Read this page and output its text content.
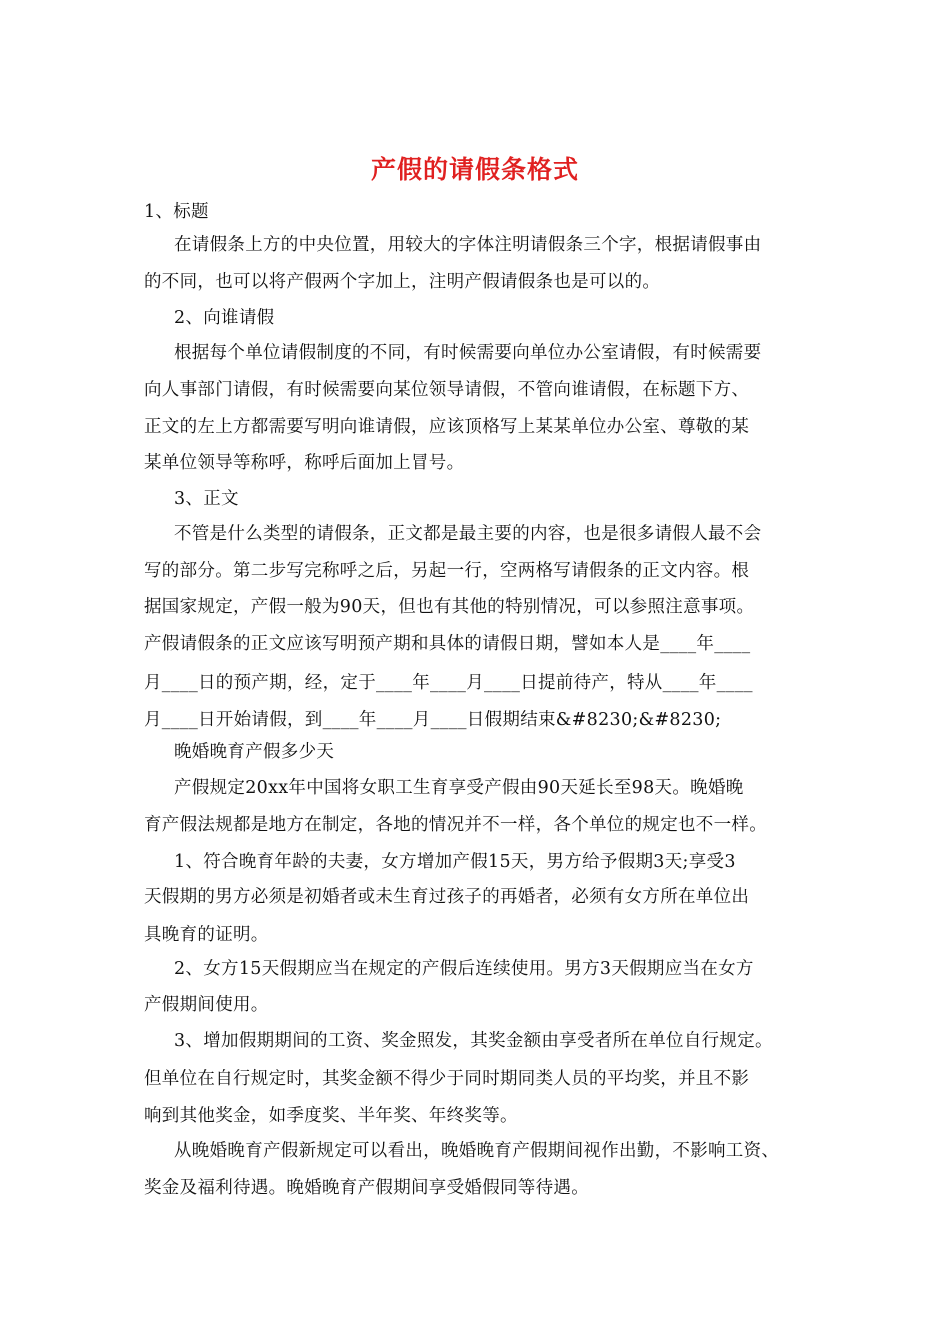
产假的请假条格式
1、标题
在请假条上方的中央位置，用较大的字体注明请假条三个字，根据请假事由
的不同，也可以将产假两个字加上，注明产假请假条也是可以的。
2、向谁请假
根据每个单位请假制度的不同，有时候需要向单位办公室请假，有时候需要
向人事部门请假，有时候需要向某位领导请假，不管向谁请假，在标题下方、
正文的左上方都需要写明向谁请假，应该顶格写上某某单位办公室、尊敬的某
某单位领导等称呼，称呼后面加上冒号。
3、正文
不管是什么类型的请假条，正文都是最主要的内容，也是很多请假人最不会
写的部分。第二步写完称呼之后，另起一行，空两格写请假条的正文内容。根
据国家规定，产假一般为90天，但也有其他的特别情况，可以参照注意事项。
产假请假条的正文应该写明预产期和具体的请假日期，譬如本人是____年____
月____日的预产期，经，定于____年____月____日提前待产，特从____年____
月____日开始请假，到____年____月____日假期结束&#8230;&#8230;
晚婚晚育产假多少天
产假规定20xx年中国将女职工生育享受产假由90天延长至98天。晚婚晚
育产假法规都是地方在制定，各地的情况并不一样，各个单位的规定也不一样。
1、符合晚育年龄的夫妻，女方增加产假15天，男方给予假期3天;享受3
天假期的男方必须是初婚者或未生育过孩子的再婚者，必须有女方所在单位出
具晚育的证明。
2、女方15天假期应当在规定的产假后连续使用。男方3天假期应当在女方
产假期间使用。
3、增加假期期间的工资、奖金照发，其奖金额由享受者所在单位自行规定。
但单位在自行规定时，其奖金额不得少于同时期同类人员的平均奖，并且不影
响到其他奖金，如季度奖、半年奖、年终奖等。
从晚婚晚育产假新规定可以看出，晚婚晚育产假期间视作出勤，不影响工资、
奖金及福利待遇。晚婚晚育产假期间享受婚假同等待遇。
